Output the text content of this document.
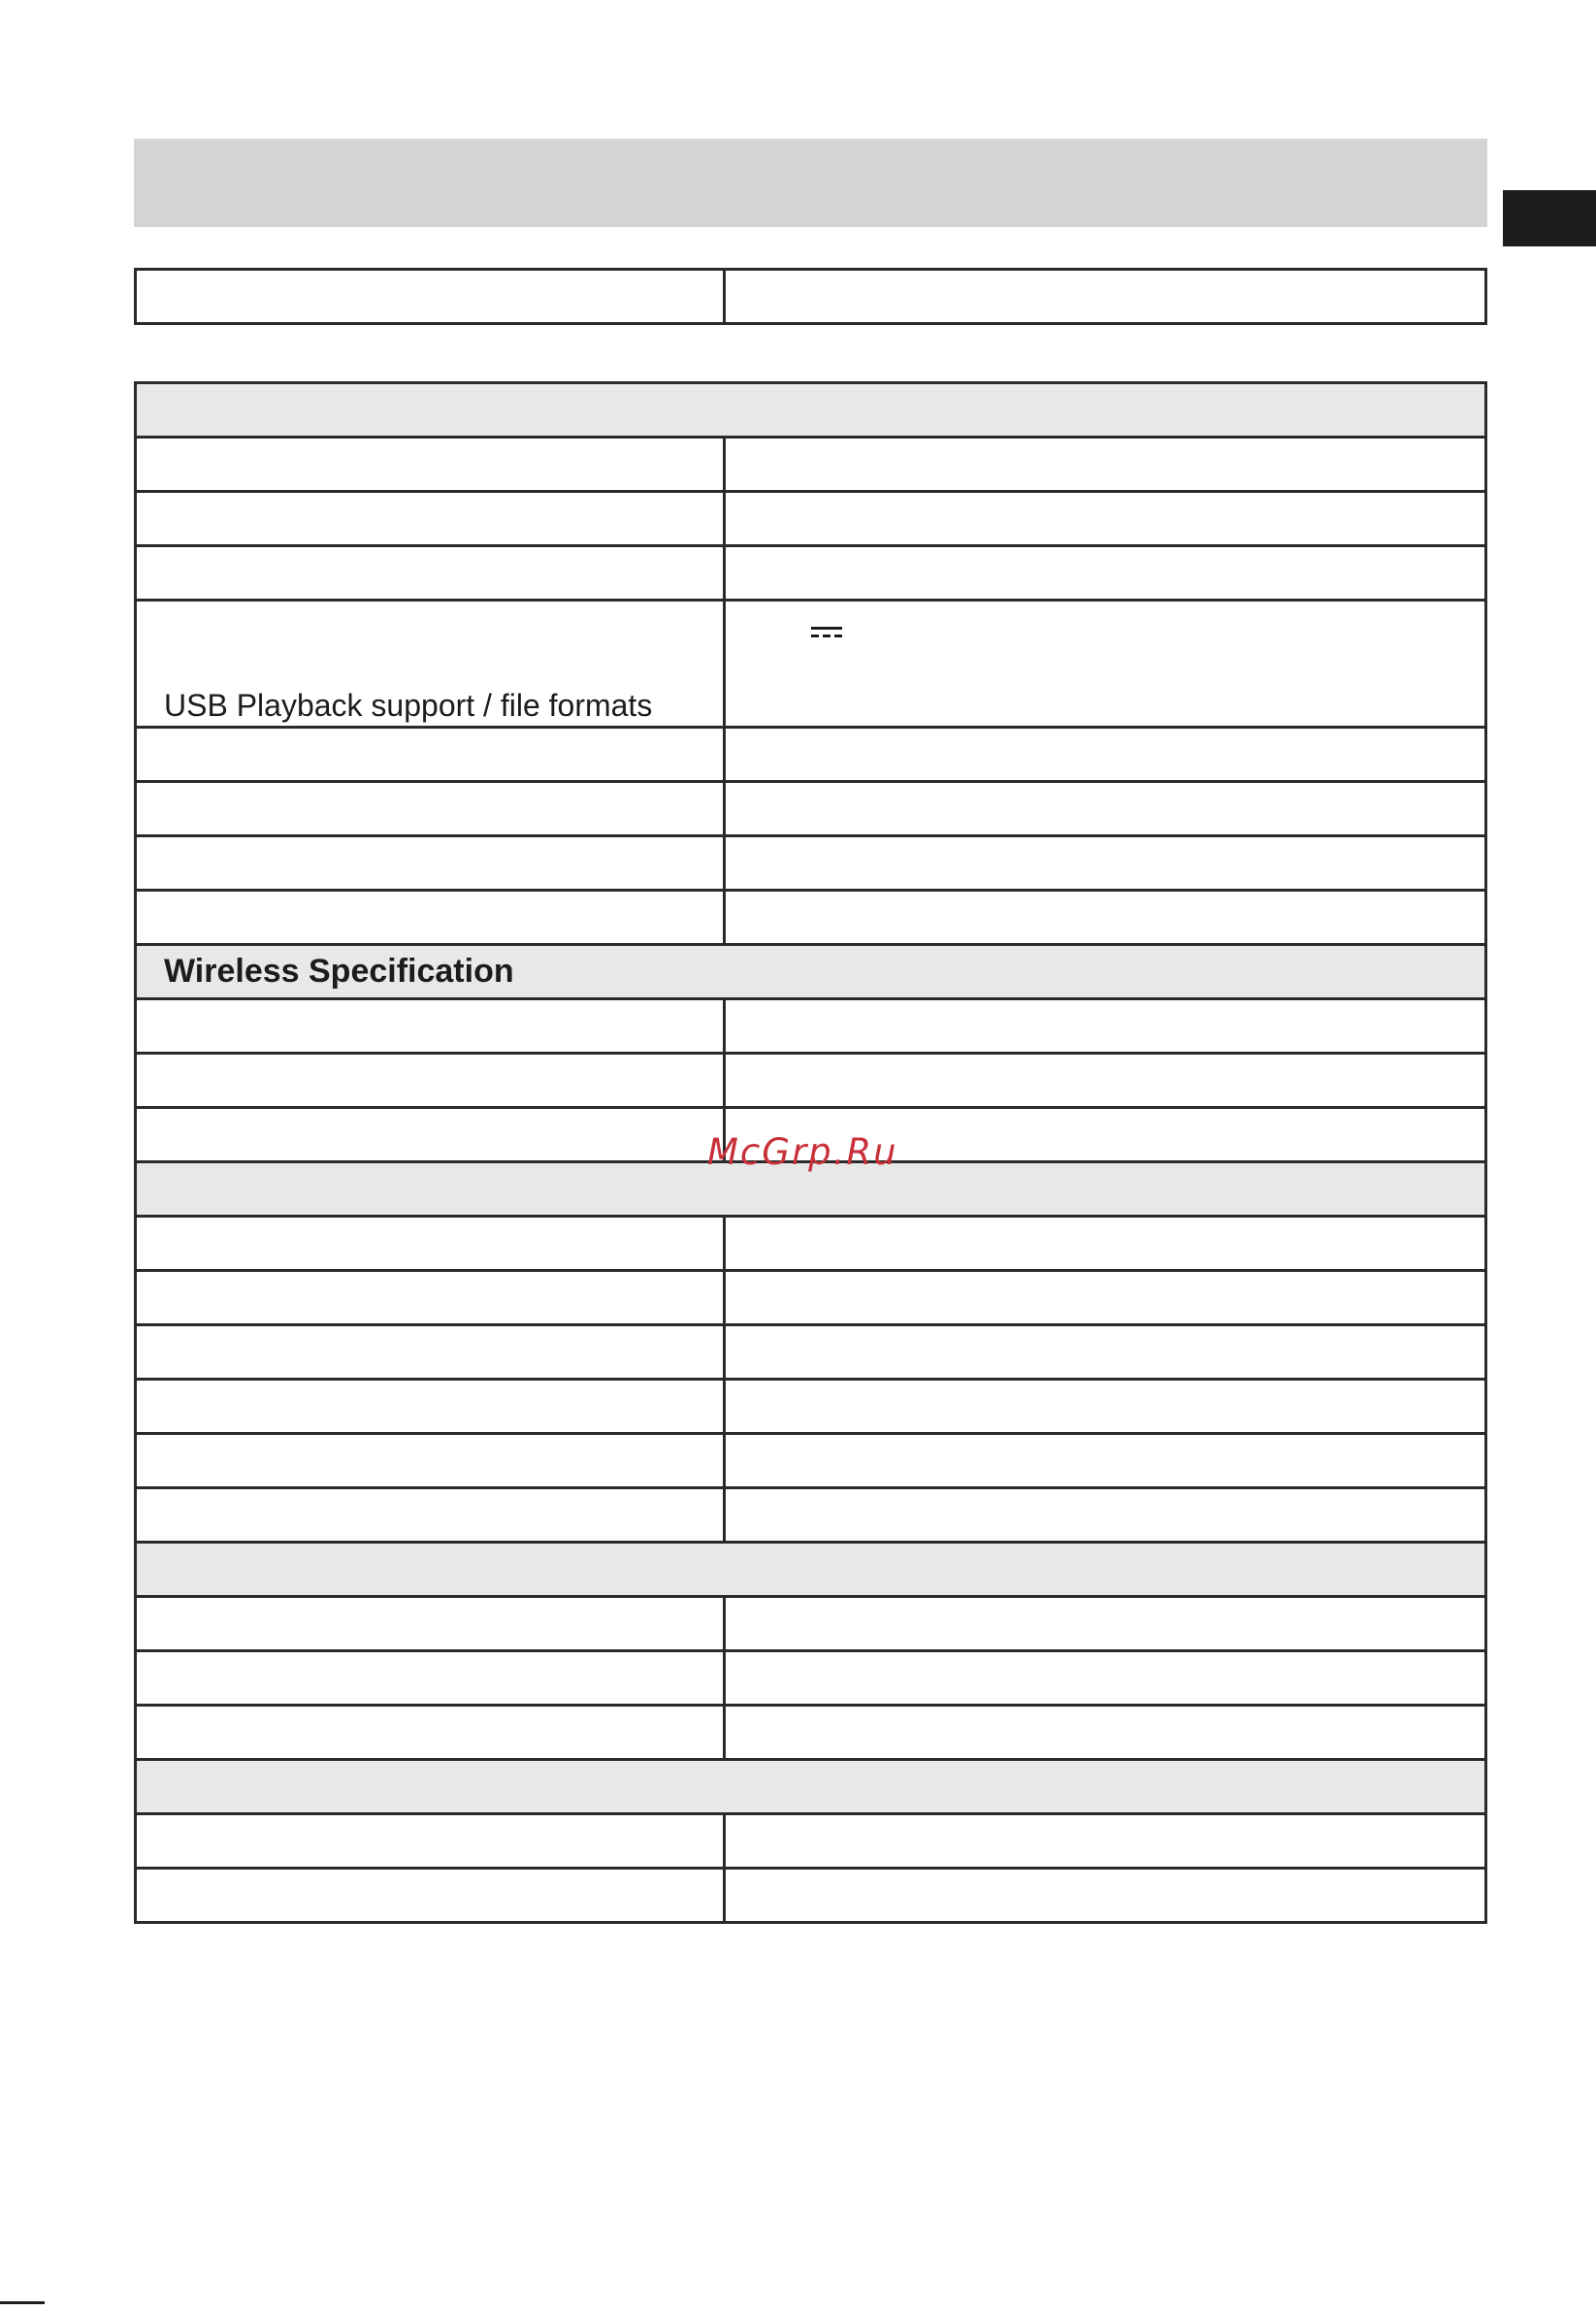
USB Playback support / file formats	

Wireless Specification	

McGrp.Ru
